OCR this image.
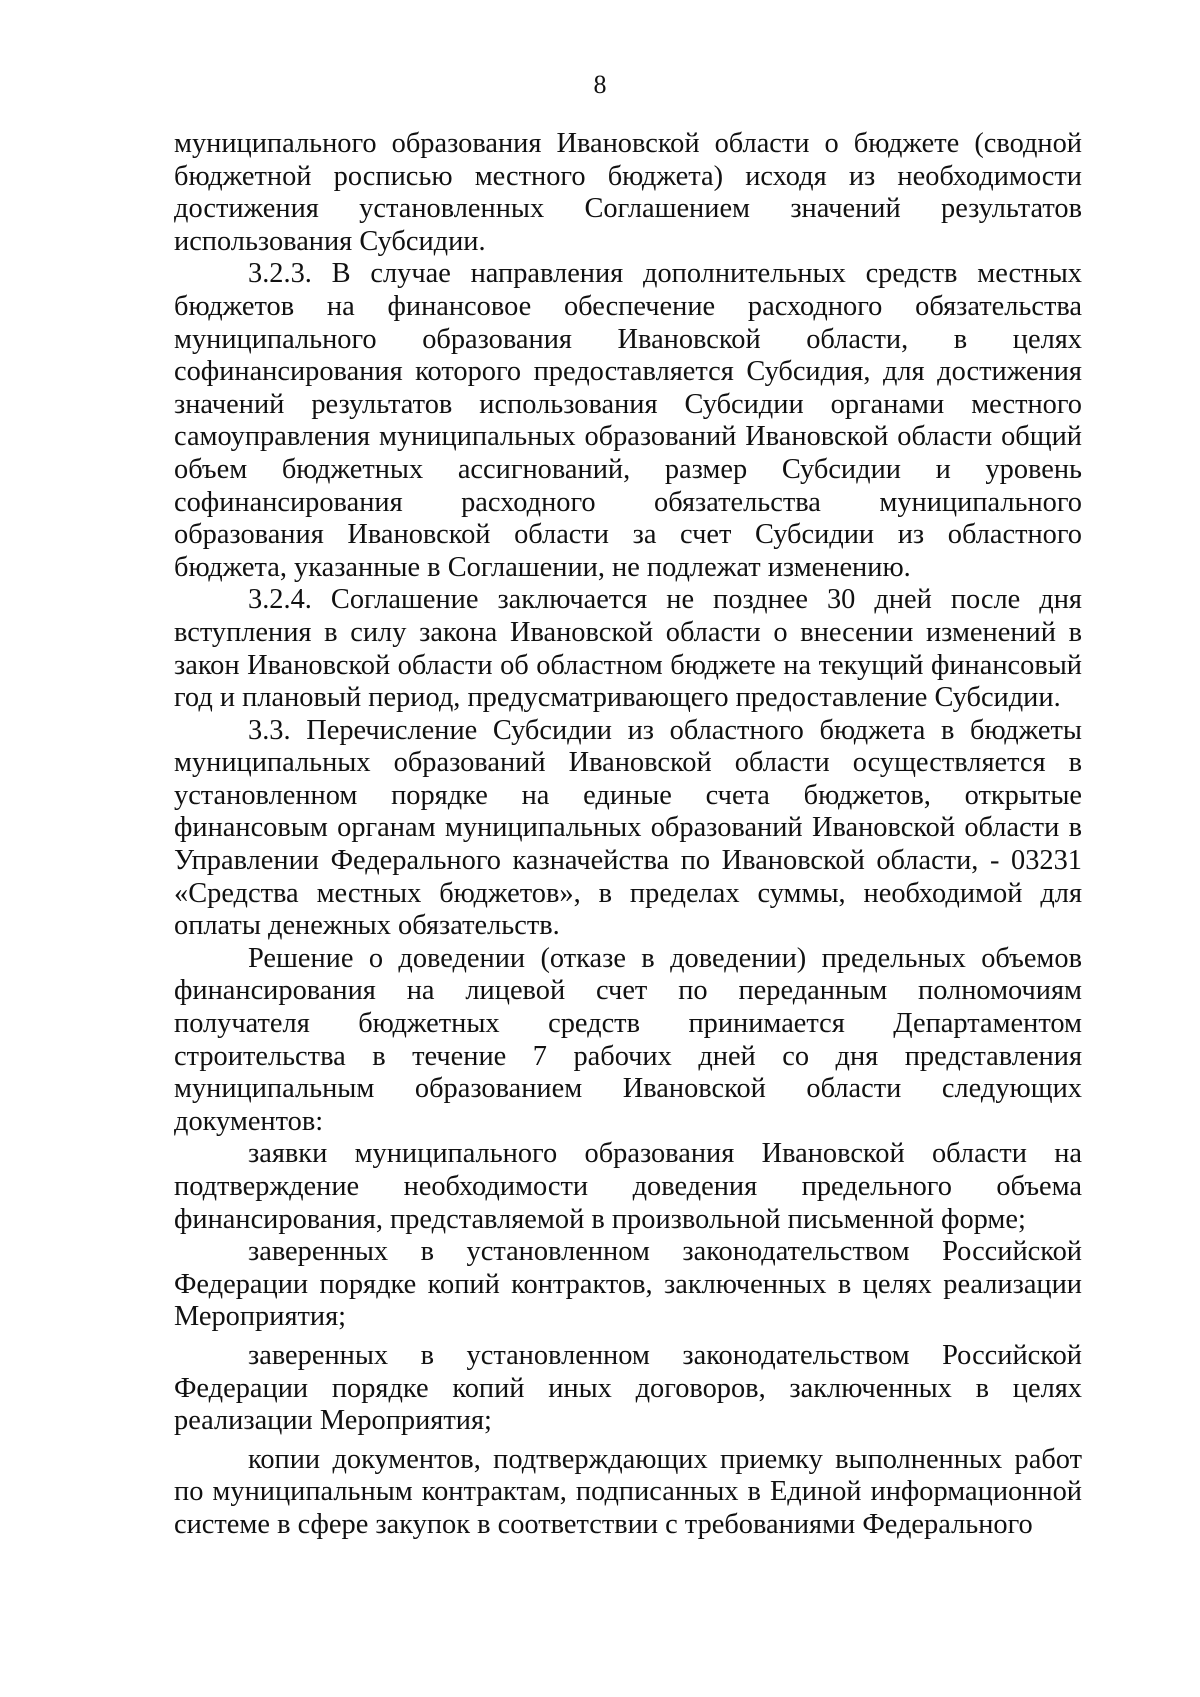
8

муниципального образования Ивановской области о бюджете (сводной бюджетной росписью местного бюджета) исходя из необходимости достижения установленных Соглашением значений результатов использования Субсидии.

3.2.3. В случае направления дополнительных средств местных бюджетов на финансовое обеспечение расходного обязательства муниципального образования Ивановской области, в целях софинансирования которого предоставляется Субсидия, для достижения значений результатов использования Субсидии органами местного самоуправления муниципальных образований Ивановской области общий объем бюджетных ассигнований, размер Субсидии и уровень софинансирования расходного обязательства муниципального образования Ивановской области за счет Субсидии из областного бюджета, указанные в Соглашении, не подлежат изменению.

3.2.4. Соглашение заключается не позднее 30 дней после дня вступления в силу закона Ивановской области о внесении изменений в закон Ивановской области об областном бюджете на текущий финансовый год и плановый период, предусматривающего предоставление Субсидии.

3.3. Перечисление Субсидии из областного бюджета в бюджеты муниципальных образований Ивановской области осуществляется в установленном порядке на единые счета бюджетов, открытые финансовым органам муниципальных образований Ивановской области в Управлении Федерального казначейства по Ивановской области, - 03231 «Средства местных бюджетов», в пределах суммы, необходимой для оплаты денежных обязательств.

Решение о доведении (отказе в доведении) предельных объемов финансирования на лицевой счет по переданным полномочиям получателя бюджетных средств принимается Департаментом строительства в течение 7 рабочих дней со дня представления муниципальным образованием Ивановской области следующих документов:

заявки муниципального образования Ивановской области на подтверждение необходимости доведения предельного объема финансирования, представляемой в произвольной письменной форме;

заверенных в установленном законодательством Российской Федерации порядке копий контрактов, заключенных в целях реализации Мероприятия;

заверенных в установленном законодательством Российской Федерации порядке копий иных договоров, заключенных в целях реализации Мероприятия;

копии документов, подтверждающих приемку выполненных работ по муниципальным контрактам, подписанных в Единой информационной системе в сфере закупок в соответствии с требованиями Федерального
